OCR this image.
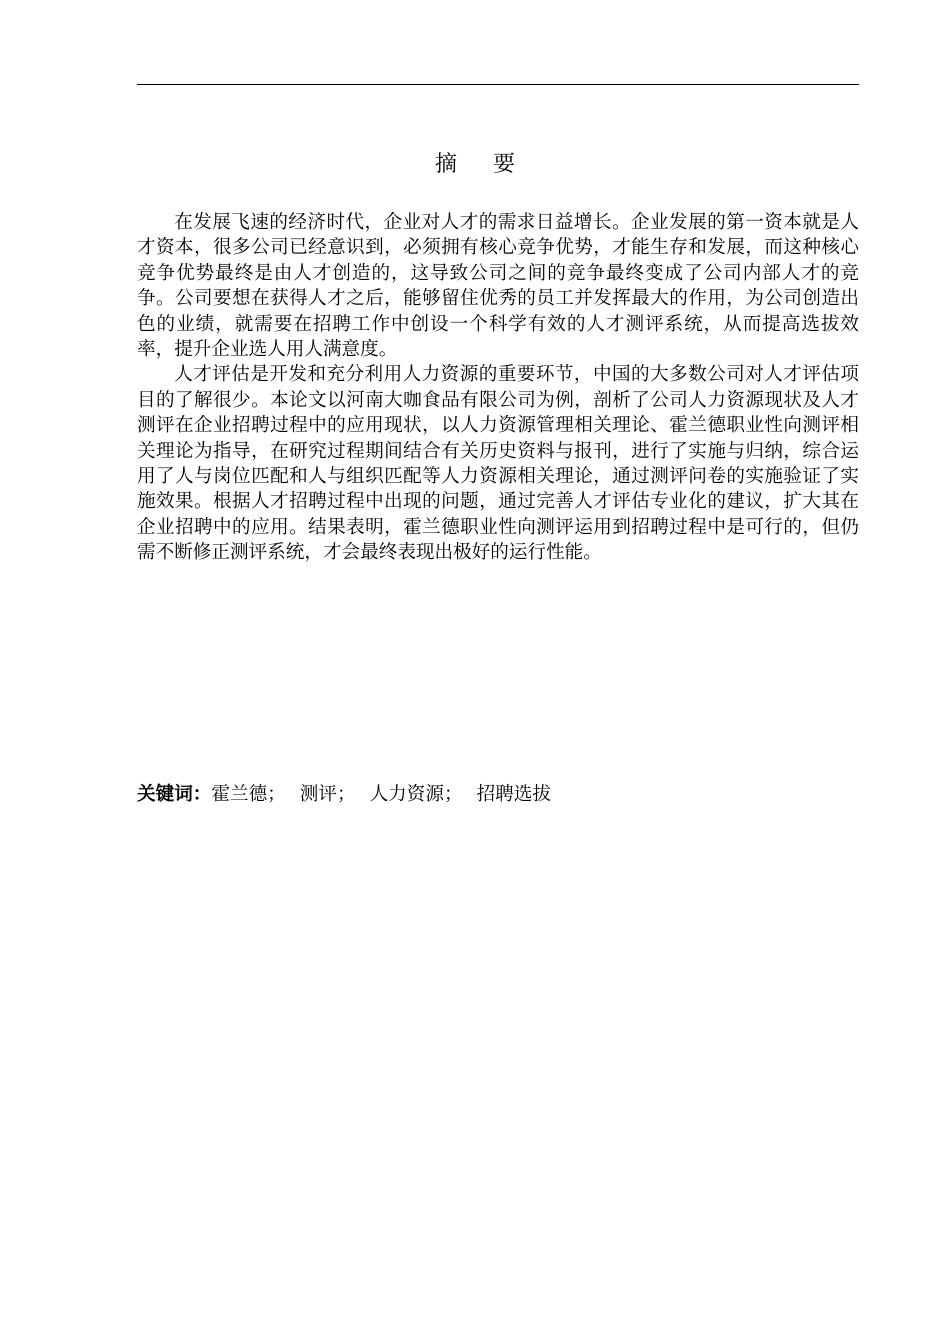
摘要

在发展飞速的经济时代，企业对人才的需求日益增长。企业发展的第一资本就是人才资本，很多公司已经意识到，必须拥有核心竞争优势，才能生存和发展，而这种核心竞争优势最终是由人才创造的，这导致公司之间的竞争最终变成了公司内部人才的竞争。公司要想在获得人才之后，能够留住优秀的员工并发挥最大的作用，为公司创造出色的业绩，就需要在招聘工作中创设一个科学有效的人才测评系统，从而提高选拔效率，提升企业选人用人满意度。

人才评估是开发和充分利用人力资源的重要环节，中国的大多数公司对人才评估项目的了解很少。本论文以河南大咖食品有限公司为例，剖析了公司人力资源现状及人才测评在企业招聘过程中的应用现状，以人力资源管理相关理论、霍兰德职业性向测评相关理论为指导，在研究过程期间结合有关历史资料与报刊，进行了实施与归纳，综合运用了人与岗位匹配和人与组织匹配等人力资源相关理论，通过测评问卷的实施验证了实施效果。根据人才招聘过程中出现的问题，通过完善人才评估专业化的建议，扩大其在企业招聘中的应用。结果表明，霍兰德职业性向测评运用到招聘过程中是可行的，但仍需不断修正测评系统，才会最终表现出极好的运行性能。

关键词：霍兰德； 测评； 人力资源； 招聘选拔
